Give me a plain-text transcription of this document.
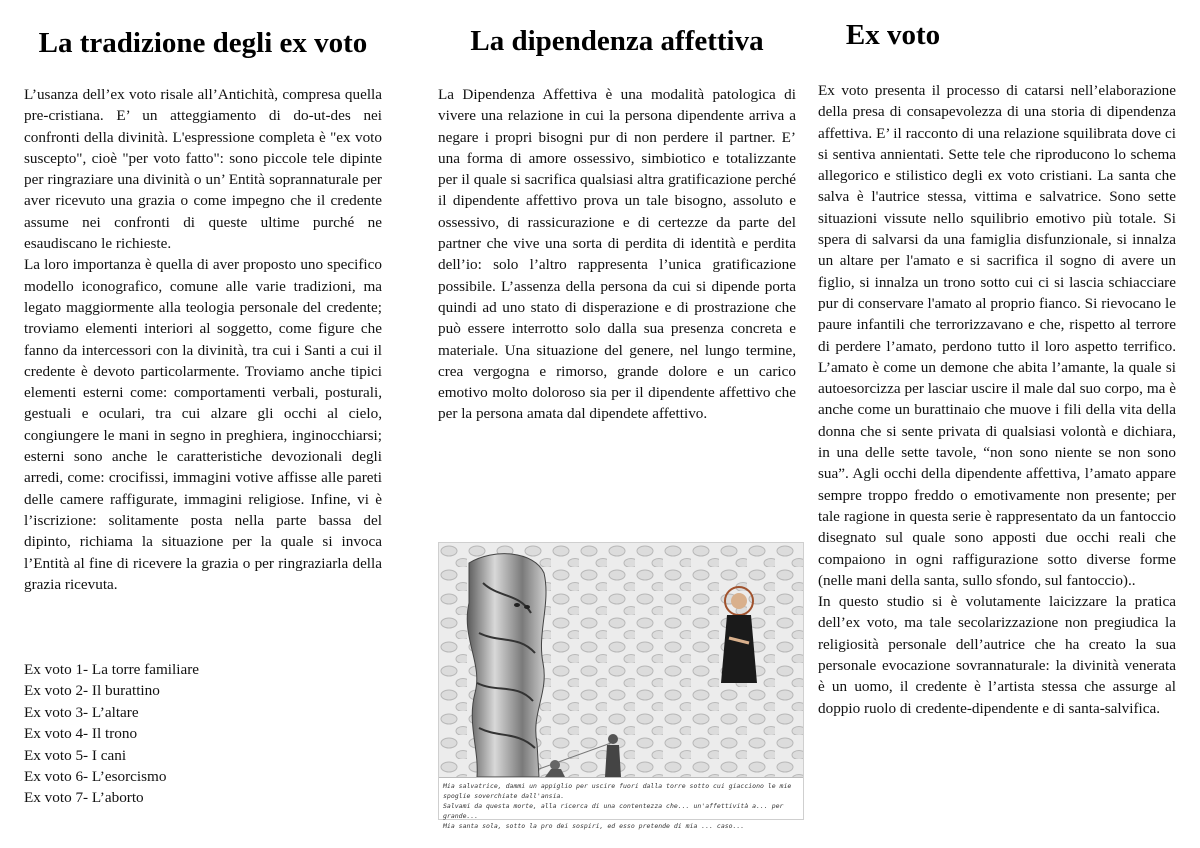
La tradizione degli ex voto

L’usanza dell’ex voto risale all’Antichità, compresa quella pre-cristiana. E’ un atteggiamento di do-ut-des nei confronti della divinità. L'espressione completa è "ex voto suscepto", cioè "per voto fatto": sono piccole tele dipinte per ringraziare una divinità o un’ Entità soprannaturale per aver ricevuto una grazia o come impegno che il credente assume nei confronti di queste ultime purché ne esaudiscano le richieste.

La loro importanza è quella di aver proposto uno specifico modello iconografico, comune alle varie tradizioni, ma legato maggiormente alla teologia personale del credente; troviamo elementi interiori al soggetto, come figure che fanno da intercessori con la divinità, tra cui i Santi a cui il credente è devoto particolarmente. Troviamo anche tipici elementi esterni come: comportamenti verbali, posturali, gestuali e oculari, tra cui alzare gli occhi al cielo, congiungere le mani in segno in preghiera, inginocchiarsi; esterni sono anche le caratteristiche devozionali degli arredi, come: crocifissi, immagini votive affisse alle pareti delle camere raffigurate, immagini religiose. Infine, vi è l’iscrizione: solitamente posta nella parte bassa del dipinto, richiama la situazione per la quale si invoca l’Entità al fine di ricevere la grazia o per ringraziarla della grazia ricevuta.

Ex voto 1- La torre familiare
Ex voto 2- Il burattino
Ex voto 3- L’altare
Ex voto 4- Il trono
Ex voto 5- I cani
Ex voto 6- L’esorcismo
Ex voto 7- L’aborto
La dipendenza affettiva

La Dipendenza Affettiva è una modalità patologica di vivere una relazione in cui la persona dipendente arriva a negare i propri bisogni pur di non perdere il partner. E’ una forma di amore ossessivo, simbiotico e totalizzante per il quale si sacrifica qualsiasi altra gratificazione perché il dipendente affettivo prova un tale bisogno, assoluto e ossessivo, di rassicurazione e di certezze da parte del partner che vive una sorta di perdita di identità e perdita dell’io: solo l’altro rappresenta l’unica gratificazione possibile. L’assenza della persona da cui si dipende porta quindi ad uno stato di disperazione e di prostrazione che può essere interrotto solo dalla sua presenza concreta e materiale. Una situazione del genere, nel lungo termine, crea vergogna e rimorso, grande dolore e un carico emotivo molto doloroso sia per il dipendente affettivo che per la persona amata dal dipendete affettivo.

Mia salvatrice, dammi un appiglio per uscire fuori dalla torre sotto cui giacciono le mie spoglie soverchiate dall'ansia.
Salvami da questa morte, alla ricerca di una contentezza che... un'affettività a... per grande...
Mia santa sola, sotto la pro dei sospiri, ed esso pretende di mia ... caso...
Ex voto

Ex voto presenta il processo di catarsi nell’elaborazione della presa di consapevolezza di una storia di dipendenza affettiva. E’ il racconto di una relazione squilibrata dove ci si sentiva annientati. Sette tele che riproducono lo schema allegorico e stilistico degli ex voto cristiani. La santa che salva è l'autrice stessa, vittima e salvatrice. Sono sette situazioni vissute nello squilibrio emotivo più totale. Si spera di salvarsi da una famiglia disfunzionale, si innalza un altare per l'amato e si sacrifica il sogno di avere un figlio, si innalza un trono sotto cui ci si lascia schiacciare pur di conservare l'amato al proprio fianco. Si rievocano le paure infantili che terrorizzavano e che, rispetto al terrore di perdere l’amato, perdono tutto il loro aspetto terrifico. L’amato è come un demone che abita l’amante, la quale si autoesorcizza per lasciar uscire il male dal suo corpo, ma è anche come un burattinaio che muove i fili della vita della donna che si sente privata di qualsiasi volontà e dichiara, in una delle sette tavole, “non sono niente se non sono sua”. Agli occhi della dipendente affettiva, l’amato appare sempre troppo freddo o emotivamente non presente; per tale ragione in questa serie è rappresentato da un fantoccio disegnato sul quale sono apposti due occhi reali che compaiono in ogni raffigurazione sotto diverse forme (nelle mani della santa, sullo sfondo, sul fantoccio)..

In questo studio si è volutamente laicizzare la pratica dell’ex voto, ma tale secolarizzazione non pregiudica la religiosità personale dell’autrice che ha creato la sua personale evocazione sovrannaturale: la divinità venerata è un uomo, il credente è l’artista stessa che assurge al doppio ruolo di credente-dipendente e di santa-salvifica.
